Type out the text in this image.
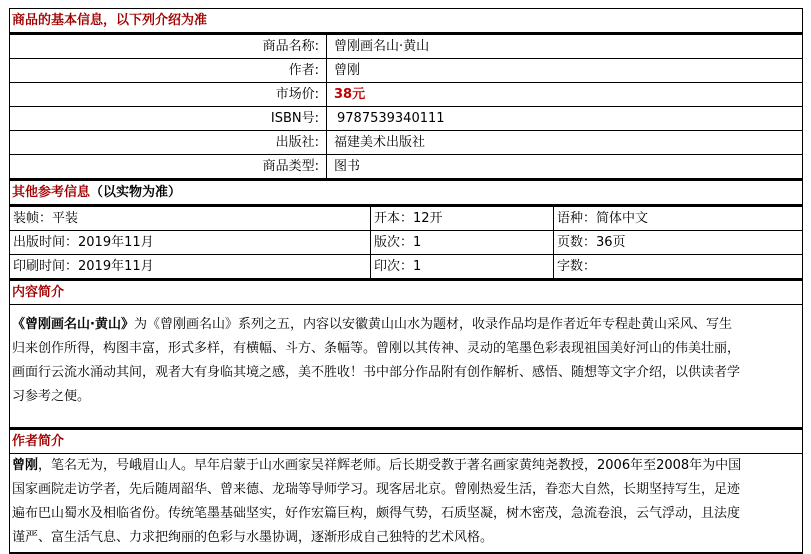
商品的基本信息，以下列介绍为准
商品名称:	曾刚画名山·黄山
作者:	曾刚
市场价:	38元
ISBN号:	9787539340111
出版社:	福建美术出版社
商品类型:	图书
其他参考信息（以实物为准）
装帧：平装	开本：12开	语种：简体中文
出版时间：2019年11月	版次：1	页数：36页
印刷时间：2019年11月	印次：1	字数：
内容简介
《曾刚画名山·黄山》为《曾刚画名山》系列之五，内容以安徽黄山山水为题材，收录作品均是作者近年专程赴黄山采风、写生
归来创作所得，构图丰富，形式多样，有横幅、斗方、条幅等。曾刚以其传神、灵动的笔墨色彩表现祖国美好河山的伟美壮丽，
画面行云流水涌动其间，观者大有身临其境之感，美不胜收！书中部分作品附有创作解析、感悟、随想等文字介绍，以供读者学
习参考之便。
作者简介
曾刚，笔名无为，号峨眉山人。早年启蒙于山水画家吴祥辉老师。后长期受教于著名画家黄纯尧教授，2006年至2008年为中国
国家画院走访学者，先后随周韶华、曾来德、龙瑞等导师学习。现客居北京。曾刚热爱生活，眷恋大自然，长期坚持写生，足迹
遍布巴山蜀水及相临省份。传统笔墨基础坚实，好作宏篇巨构，颇得气势，石质坚凝，树木密茂，急流卷浪，云气浮动，且法度
谨严、富生活气息、力求把绚丽的色彩与水墨协调，逐渐形成自己独特的艺术风格。
